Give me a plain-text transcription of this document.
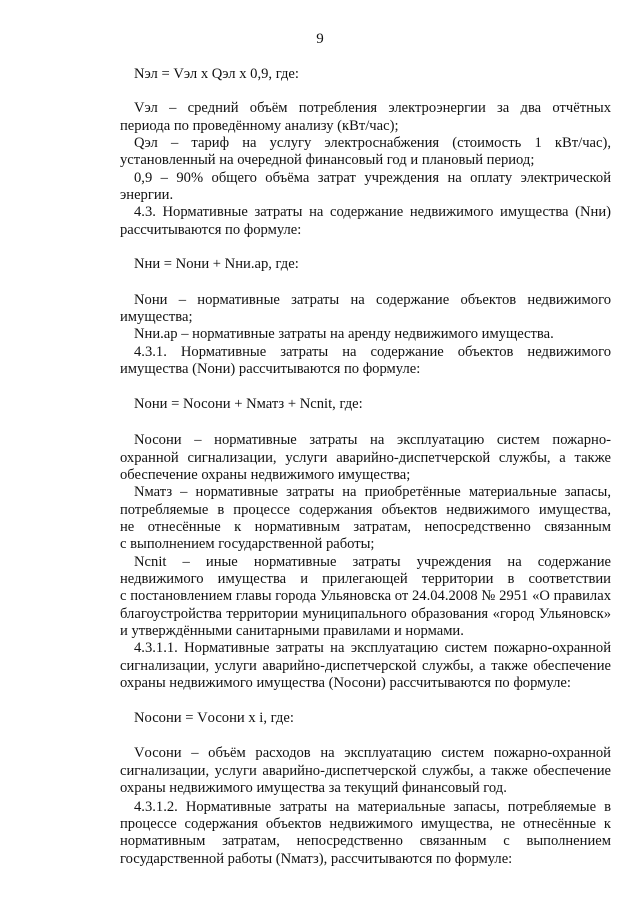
9
Nэл = Vэл x Qэл x 0,9, где:
Vэл – средний объём потребления электроэнергии за два отчётных
периода по проведённому анализу (кВт/час);
Qэл – тариф на услугу электроснабжения (стоимость 1 кВт/час),
установленный на очередной финансовый год и плановый период;
0,9 – 90% общего объёма затрат учреждения на оплату электрической
энергии.
4.3. Нормативные затраты на содержание недвижимого имущества (Nни)
рассчитываются по формуле:
Nни = Nони + Nни.ар, где:
Nони – нормативные затраты на содержание объектов недвижимого
имущества;
Nни.ар – нормативные затраты на аренду недвижимого имущества.
4.3.1. Нормативные затраты на содержание объектов недвижимого
имущества (Nони) рассчитываются по формуле:
Nони = Nосони + Nматз + Nсnit, где:
Nосони – нормативные затраты на эксплуатацию систем пожарно-
охранной сигнализации, услуги аварийно-диспетчерской службы, а также
обеспечение охраны недвижимого имущества;
Nматз – нормативные затраты на приобретённые материальные запасы,
потребляемые в процессе содержания объектов недвижимого имущества,
не отнесённые к нормативным затратам, непосредственно связанным
с выполнением государственной работы;
Nсnit – иные нормативные затраты учреждения на содержание
недвижимого имущества и прилегающей территории в соответствии
с постановлением главы города Ульяновска от 24.04.2008 № 2951 «О правилах
благоустройства территории муниципального образования «город Ульяновск»
и утверждёнными санитарными правилами и нормами.
4.3.1.1. Нормативные затраты на эксплуатацию систем пожарно-охранной
сигнализации, услуги аварийно-диспетчерской службы, а также обеспечение
охраны недвижимого имущества (Nосони) рассчитываются по формуле:
Nосони = Vосони x i, где:
Vосони – объём расходов на эксплуатацию систем пожарно-охранной
сигнализации, услуги аварийно-диспетчерской службы, а также обеспечение
охраны недвижимого имущества за текущий финансовый год.
4.3.1.2. Нормативные затраты на материальные запасы, потребляемые в
процессе содержания объектов недвижимого имущества, не отнесённые к
нормативным затратам, непосредственно связанным с выполнением
государственной работы (Nматз), рассчитываются по формуле:
